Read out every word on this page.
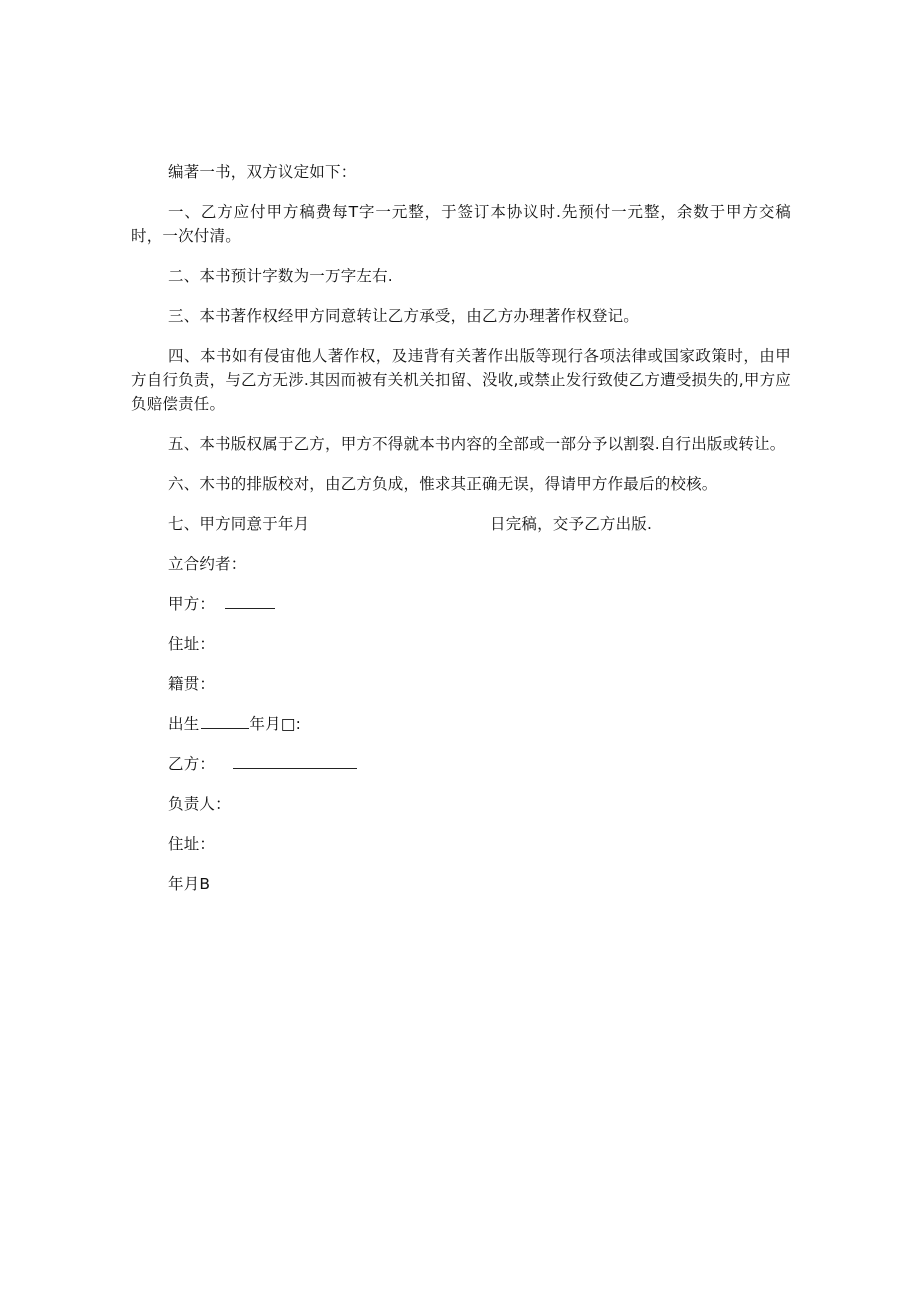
编著一书，双方议定如下：

一、乙方应付甲方稿费每T字一元整，于签订本协议时.先预付一元整，余数于甲方交稿时，一次付清。

二、本书预计字数为一万字左右.

三、本书著作权经甲方同意转让乙方承受，由乙方办理著作权登记。

四、本书如有侵宙他人著作权，及违背有关著作出版等现行各项法律或国家政策时，由甲方自行负责，与乙方无涉.其因而被有关机关扣留、没收,或禁止发行致使乙方遭受损失的,甲方应负赔偿责任。

五、本书版权属于乙方，甲方不得就本书内容的全部或一部分予以割裂.自行出版或转让。

六、木书的排版校对，由乙方负成，惟求其正确无误，得请甲方作最后的校核。

七、甲方同意于年月	日完稿，交予乙方出版.
立合约者：
甲方：
住址：
籍贯：
出生	年月□:
乙方：
负责人：
住址：
年月B
